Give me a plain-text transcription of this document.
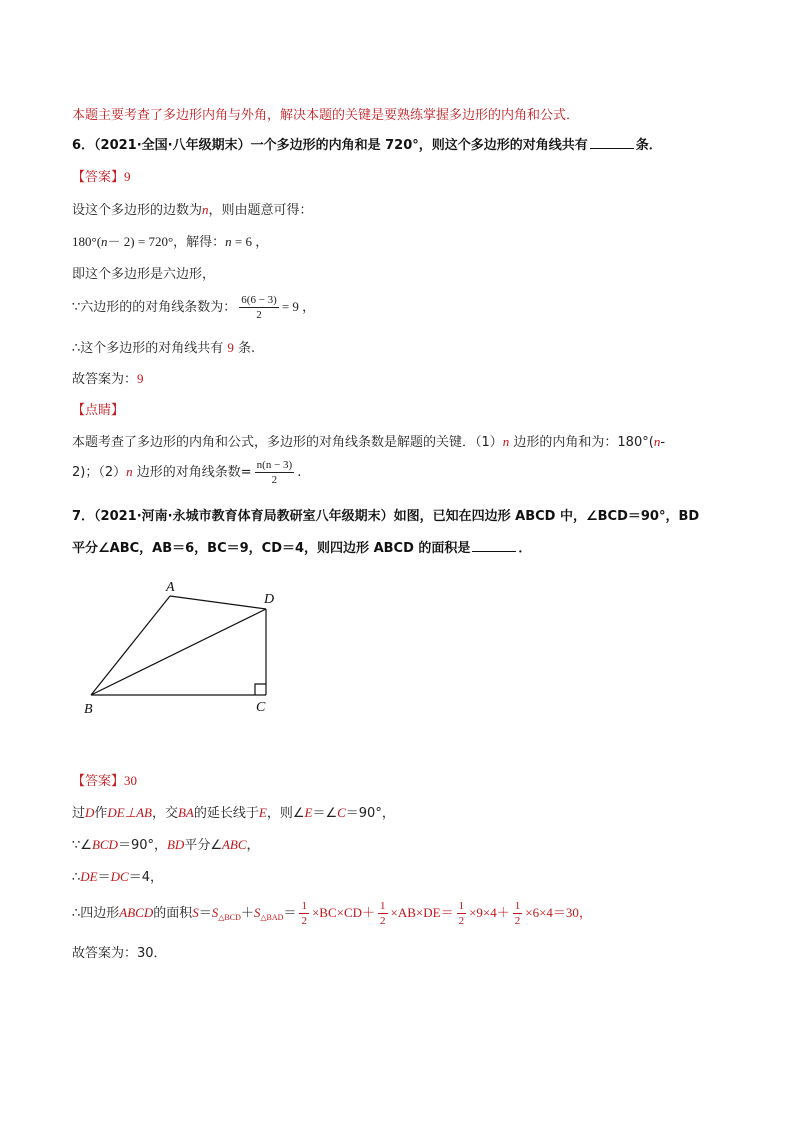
本题主要考查了多边形内角与外角，解决本题的关键是要熟练掌握多边形的内角和公式．
6．（2021·全国·八年级期末）一个多边形的内角和是 720°，则这个多边形的对角线共有	条．
【答案】9
设这个多边形的边数为n，则由题意可得：
180°(n－ 2) = 720°，解得：n = 6 ，
即这个多边形是六边形，
∵六边形的的对角线条数为： $\frac{6(6 - 3)}{2} = 9$ ，
∴这个多边形的对角线共有 9 条.
故答案为：9
【点睛】
本题考查了多边形的内角和公式，多边形的对角线条数是解题的关键．（1）n 边形的内角和为：180°(n-
2)；（2）n 边形的对角线条数= $\frac{n(n - 3)}{2}$ .
7．（2021·河南·永城市教育体育局教研室八年级期末）如图，已知在四边形 ABCD 中，∠BCD＝90°，BD
平分∠ABC，AB＝6，BC＝9，CD＝4，则四边形 ABCD 的面积是	．
A
D
B	C
【答案】30
过D作DE⊥AB，交BA的延长线于E，则∠E＝∠C＝90°，
∵∠BCD＝90°，BD平分∠ABC，
∴DE＝DC＝4，
∴四边形ABCD的面积$S=S_{\triangle BCD}+S_{\triangle BAD}= \frac{1}{2} \times BC\times CD+ \frac{1}{2} \times AB\times DE= \frac{1}{2} \times 9\times 4+ \frac{1}{2} \times 6\times 4=30$，
故答案为：30．
